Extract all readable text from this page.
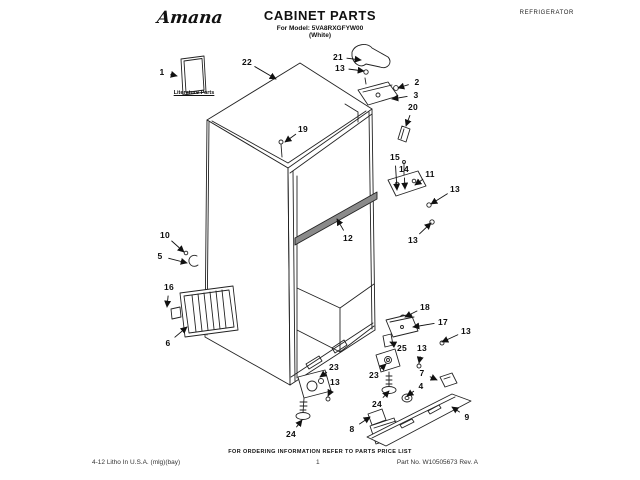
Amana	CABINET PARTS
For Model: 5VA8RXGFYW00
(White)
REFRIGERATOR
Literature Parts
1
22	21
13
2
3
20
19
15
14 11
13
13
10
5
16
6
12
18
17
13
25 13
23	7
4
24
8
9
23
13
24
FOR ORDERING INFORMATION REFER TO PARTS PRICE LIST
4-12 Litho In U.S.A. (mlg)(bay)	1	Part No. W10505673 Rev. A
